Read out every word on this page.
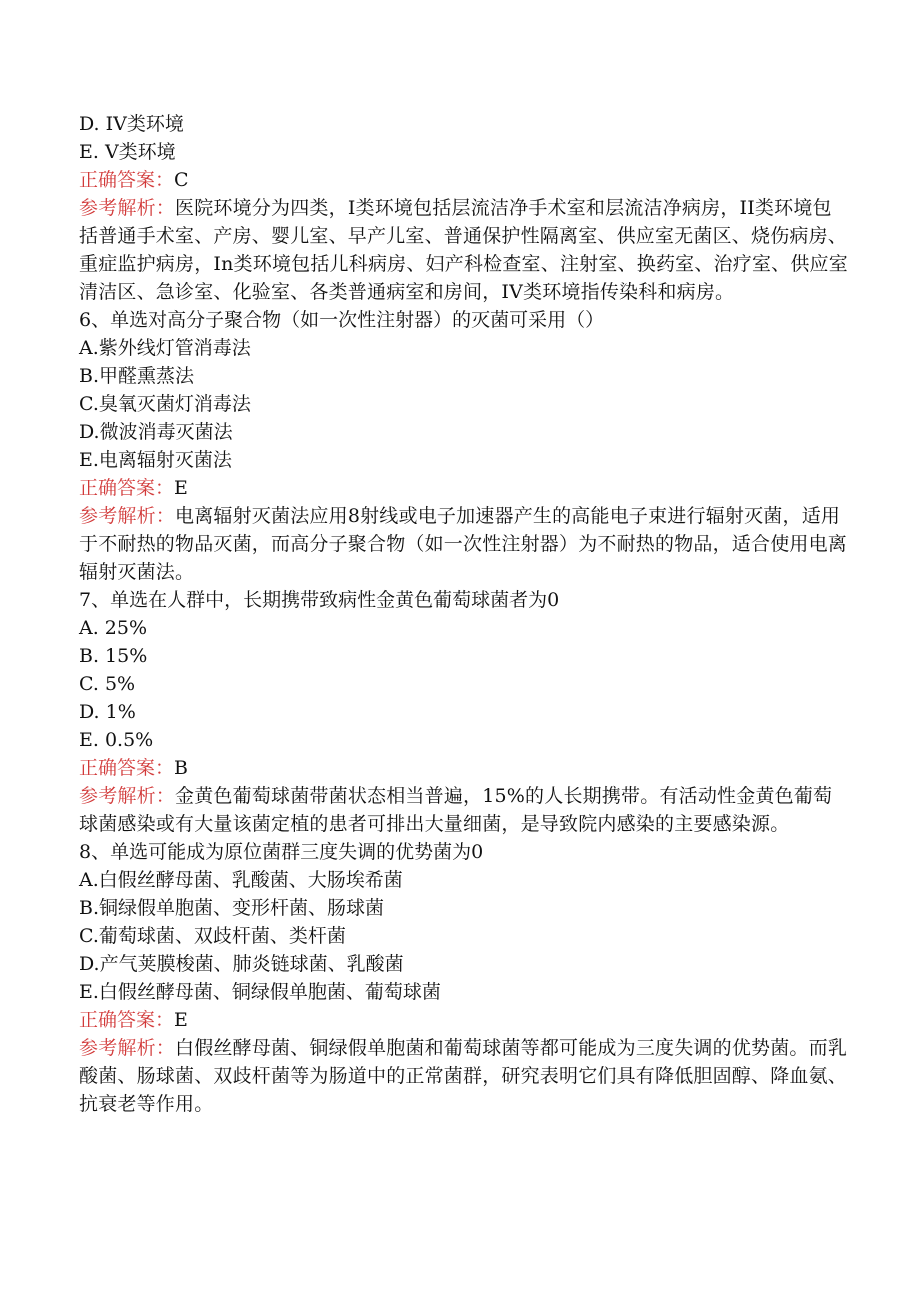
D. IV类环境
E. V类环境
正确答案：C
参考解析：医院环境分为四类，I类环境包括层流洁净手术室和层流洁净病房，II类环境包括普通手术室、产房、婴儿室、早产儿室、普通保护性隔离室、供应室无菌区、烧伤病房、重症监护病房，In类环境包括儿科病房、妇产科检查室、注射室、换药室、治疗室、供应室清洁区、急诊室、化验室、各类普通病室和房间，IV类环境指传染科和病房。
6、单选对高分子聚合物（如一次性注射器）的灭菌可采用（）
A.紫外线灯管消毒法
B.甲醛熏蒸法
C.臭氧灭菌灯消毒法
D.微波消毒灭菌法
E.电离辐射灭菌法
正确答案：E
参考解析：电离辐射灭菌法应用8射线或电子加速器产生的高能电子束进行辐射灭菌，适用于不耐热的物品灭菌，而高分子聚合物（如一次性注射器）为不耐热的物品，适合使用电离辐射灭菌法。
7、单选在人群中，长期携带致病性金黄色葡萄球菌者为0
A. 25%
B. 15%
C. 5%
D. 1%
E. 0.5%
正确答案：B
参考解析：金黄色葡萄球菌带菌状态相当普遍，15%的人长期携带。有活动性金黄色葡萄球菌感染或有大量该菌定植的患者可排出大量细菌，是导致院内感染的主要感染源。
8、单选可能成为原位菌群三度失调的优势菌为0
A.白假丝酵母菌、乳酸菌、大肠埃希菌
B.铜绿假单胞菌、变形杆菌、肠球菌
C.葡萄球菌、双歧杆菌、类杆菌
D.产气荚膜梭菌、肺炎链球菌、乳酸菌
E.白假丝酵母菌、铜绿假单胞菌、葡萄球菌
正确答案：E
参考解析：白假丝酵母菌、铜绿假单胞菌和葡萄球菌等都可能成为三度失调的优势菌。而乳酸菌、肠球菌、双歧杆菌等为肠道中的正常菌群，研究表明它们具有降低胆固醇、降血氨、抗衰老等作用。
